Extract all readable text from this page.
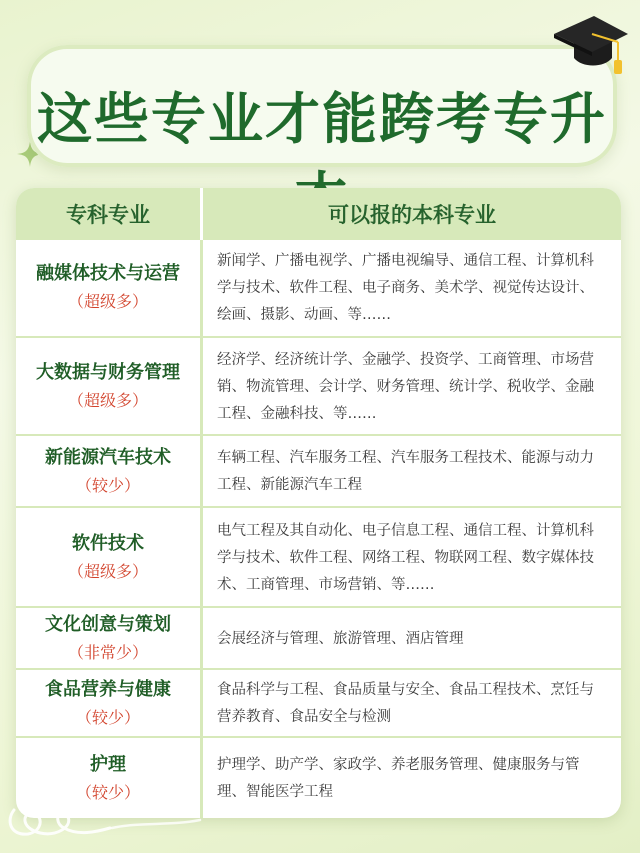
这些专业才能跨考专升
专科专业	可以报的本科专业
融媒体技术与运营
（超级多）
新闻学、广播电视学、广播电视编导、通信工程、计算机科学与技术、软件工程、电子商务、美术学、视觉传达设计、绘画、摄影、动画、等……
大数据与财务管理
（超级多）
经济学、经济统计学、金融学、投资学、工商管理、市场营销、物流管理、会计学、财务管理、统计学、税收学、金融工程、金融科技、等……
新能源汽车技术
（较少）
车辆工程、汽车服务工程、汽车服务工程技术、能源与动力工程、新能源汽车工程
软件技术
（超级多）
电气工程及其自动化、电子信息工程、通信工程、计算机科学与技术、软件工程、网络工程、物联网工程、数字媒体技术、工商管理、市场营销、等……
文化创意与策划
（非常少）
会展经济与管理、旅游管理、酒店管理
食品营养与健康
（较少）
食品科学与工程、食品质量与安全、食品工程技术、烹饪与营养教育、食品安全与检测
护理
（较少）
护理学、助产学、家政学、养老服务管理、健康服务与管理、智能医学工程
